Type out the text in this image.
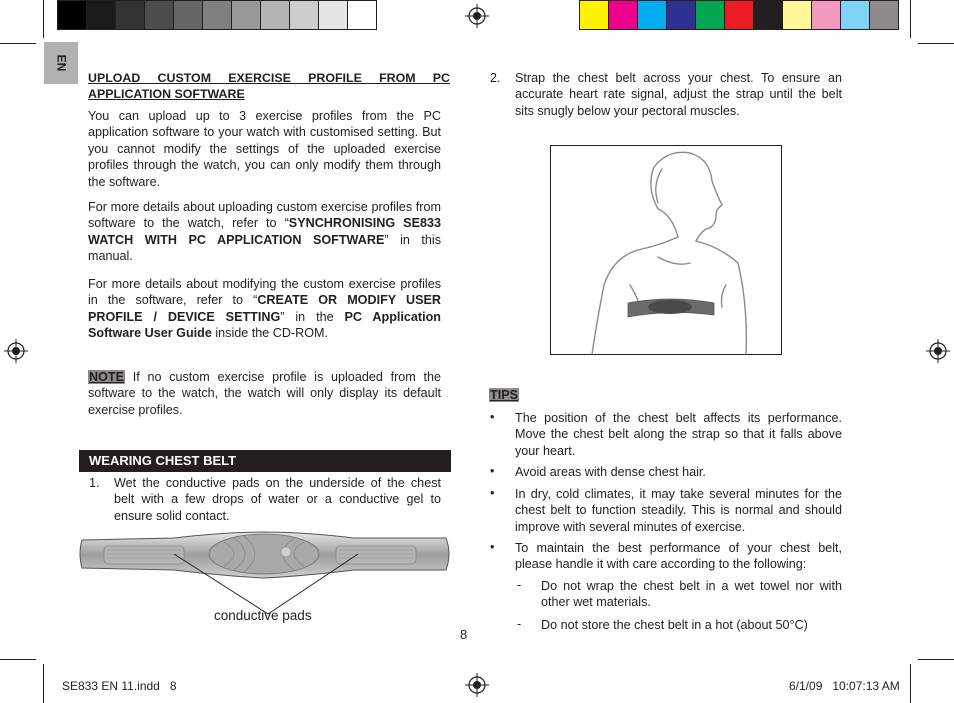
EN
UPLOAD CUSTOM EXERCISE PROFILE FROM PC
APPLICATION SOFTWARE

You can upload up to 3 exercise profiles from the PC application software to your watch with customised setting. But you cannot modify the settings of the uploaded exercise profiles through the watch, you can only modify them through the software.

For more details about uploading custom exercise profiles from software to the watch, refer to “SYNCHRONISING SE833 WATCH WITH PC APPLICATION SOFTWARE” in this manual.

For more details about modifying the custom exercise profiles in the software, refer to “CREATE OR MODIFY USER PROFILE / DEVICE SETTING” in the PC Application Software User Guide inside the CD-ROM.

NOTE If no custom exercise profile is uploaded from the software to the watch, the watch will only display its default exercise profiles.

WEARING CHEST BELT
1. Wet the conductive pads on the underside of the chest belt with a few drops of water or a conductive gel to ensure solid contact.

conductive pads
8
2. Strap the chest belt across your chest. To ensure an accurate heart rate signal, adjust the strap until the belt sits snugly below your pectoral muscles.

TIPS
• The position of the chest belt affects its performance. Move the chest belt along the strap so that it falls above your heart.

• Avoid areas with dense chest hair.

• In dry, cold climates, it may take several minutes for the chest belt to function steadily. This is normal and should improve with several minutes of exercise.

• To maintain the best performance of your chest belt, please handle it with care according to the following:

- Do not wrap the chest belt in a wet towel nor with other wet materials.

- Do not store the chest belt in a hot (about 50°C)

SE833 EN 11.indd   8	6/1/09   10:07:13 AM
